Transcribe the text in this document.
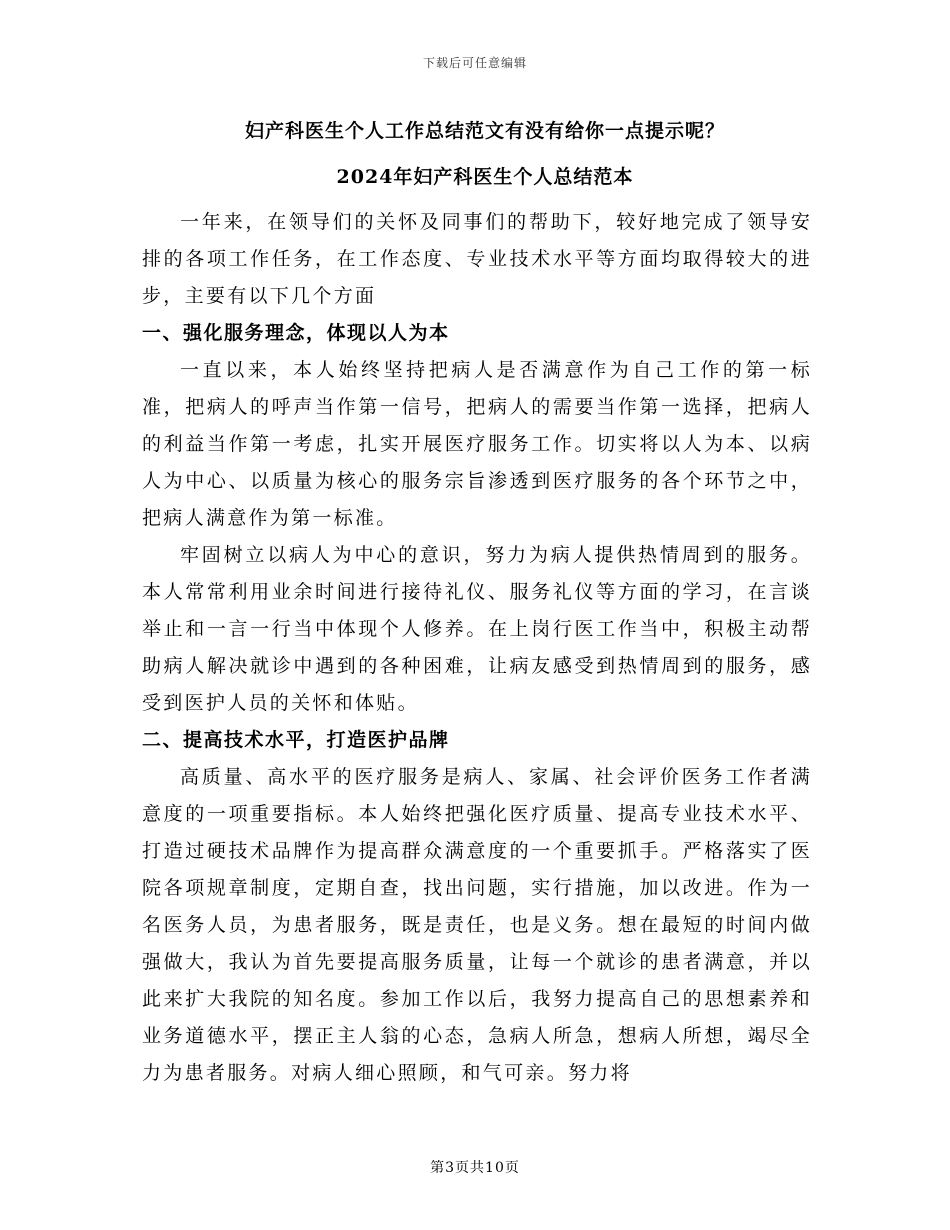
下载后可任意编辑
妇产科医生个人工作总结范文有没有给你一点提示呢？
2024年妇产科医生个人总结范本

一年来，在领导们的关怀及同事们的帮助下，较好地完成了领导安排的各项工作任务，在工作态度、专业技术水平等方面均取得较大的进步，主要有以下几个方面

一、强化服务理念，体现以人为本

一直以来，本人始终坚持把病人是否满意作为自己工作的第一标准，把病人的呼声当作第一信号，把病人的需要当作第一选择，把病人的利益当作第一考虑，扎实开展医疗服务工作。切实将以人为本、以病人为中心、以质量为核心的服务宗旨渗透到医疗服务的各个环节之中，把病人满意作为第一标准。

牢固树立以病人为中心的意识，努力为病人提供热情周到的服务。本人常常利用业余时间进行接待礼仪、服务礼仪等方面的学习，在言谈举止和一言一行当中体现个人修养。在上岗行医工作当中，积极主动帮助病人解决就诊中遇到的各种困难，让病友感受到热情周到的服务，感受到医护人员的关怀和体贴。

二、提高技术水平，打造医护品牌

高质量、高水平的医疗服务是病人、家属、社会评价医务工作者满意度的一项重要指标。本人始终把强化医疗质量、提高专业技术水平、打造过硬技术品牌作为提高群众满意度的一个重要抓手。严格落实了医院各项规章制度，定期自查，找出问题，实行措施，加以改进。作为一名医务人员，为患者服务，既是责任，也是义务。想在最短的时间内做强做大，我认为首先要提高服务质量，让每一个就诊的患者满意，并以此来扩大我院的知名度。参加工作以后，我努力提高自己的思想素养和业务道德水平，摆正主人翁的心态，急病人所急，想病人所想，竭尽全力为患者服务。对病人细心照顾，和气可亲。努力将

第3页共10页
